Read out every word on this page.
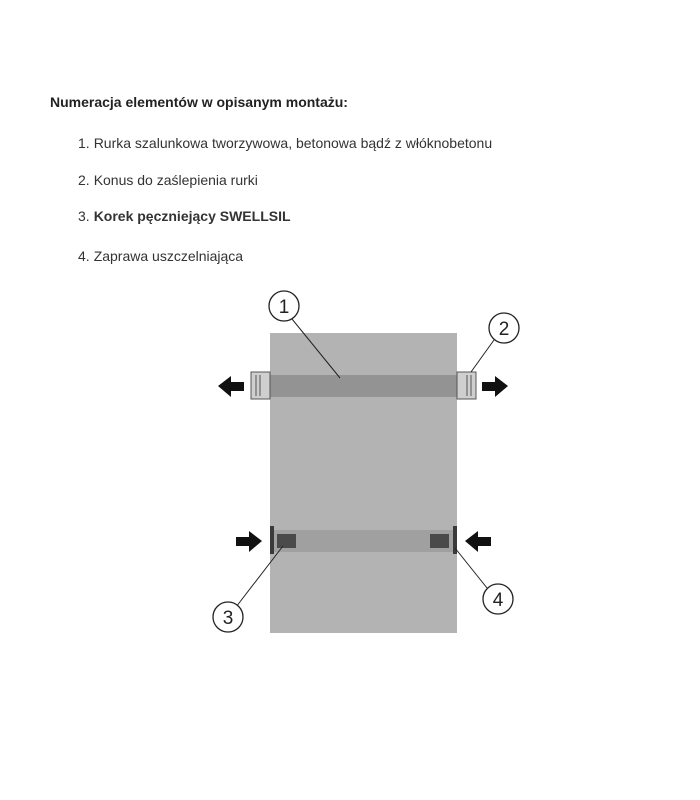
Numeracja elementów w opisanym montażu:
1. Rurka szalunkowa tworzywowa, betonowa bądź z włóknobetonu
2. Konus do zaślepienia rurki
3. Korek pęczniejący SWELLSIL
4. Zaprawa uszczelniająca
1
2
3
4
